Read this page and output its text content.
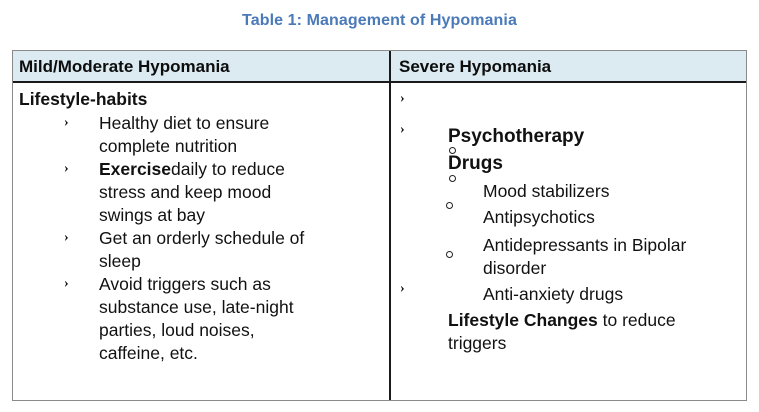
Table 1: Management of Hypomania
Mild/Moderate Hypomania	Severe Hypomania
Lifestyle-habits
› Healthy diet to ensure
complete nutrition
› Exercisedaily to reduce
stress and keep mood
swings at bay
› Get an orderly schedule of
sleep
› Avoid triggers such as
substance use, late-night
parties, loud noises,
caffeine, etc.
›
› Psychotherapy
Drugs
Mood stabilizers
Antipsychotics
Antidepressants in Bipolar
disorder
Anti-anxiety drugs
›
Lifestyle Changes to reduce
triggers
